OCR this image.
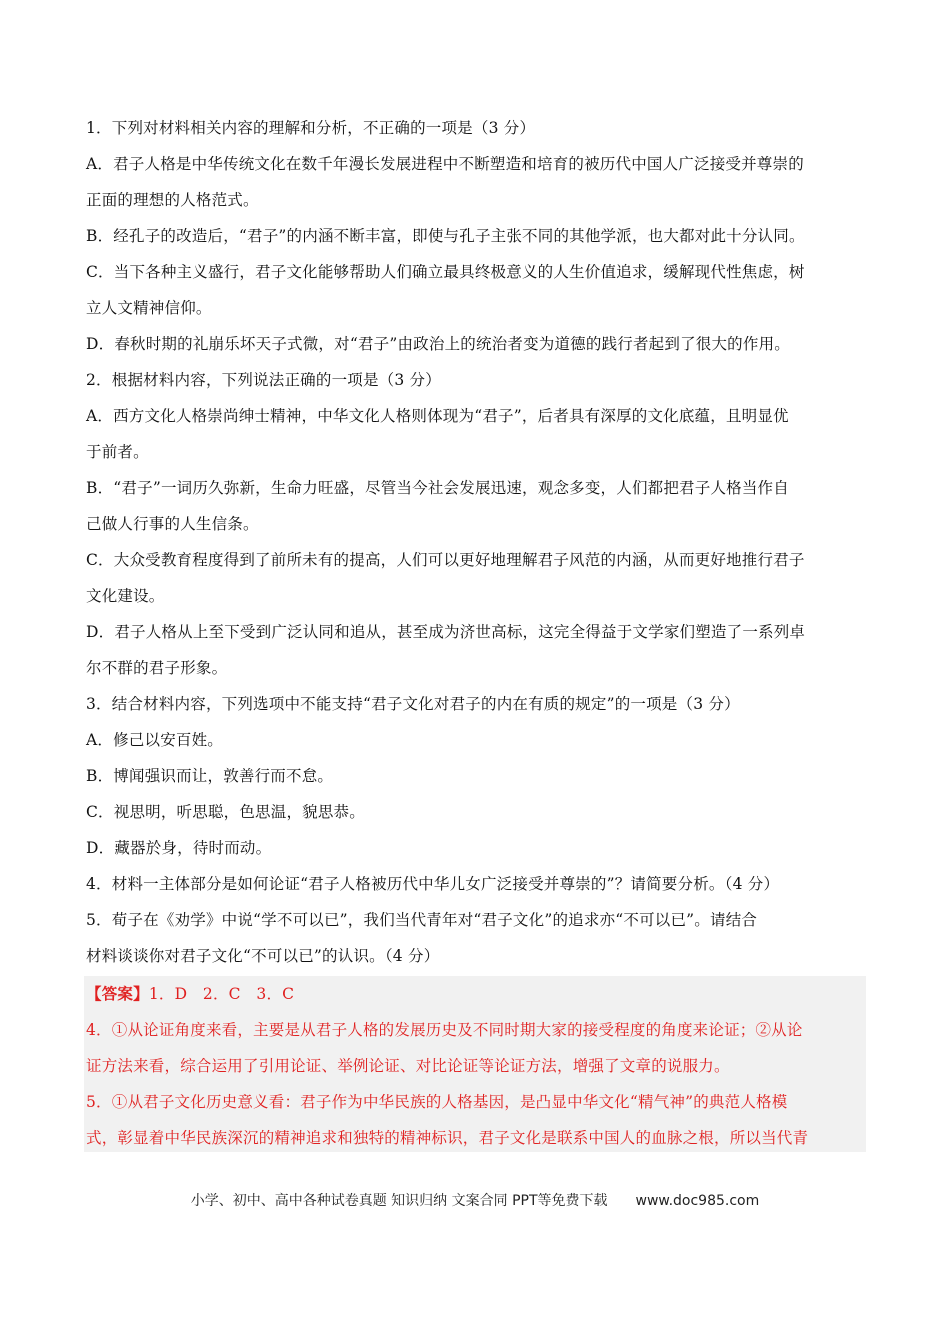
1．下列对材料相关内容的理解和分析，不正确的一项是（3 分）
A．君子人格是中华传统文化在数千年漫长发展进程中不断塑造和培育的被历代中国人广泛接受并尊崇的
正面的理想的人格范式。
B．经孔子的改造后，“君子”的内涵不断丰富，即使与孔子主张不同的其他学派，也大都对此十分认同。
C．当下各种主义盛行，君子文化能够帮助人们确立最具终极意义的人生价值追求，缓解现代性焦虑，树
立人文精神信仰。
D．春秋时期的礼崩乐坏天子式微，对“君子”由政治上的统治者变为道德的践行者起到了很大的作用。
2．根据材料内容，下列说法正确的一项是（3 分）
A．西方文化人格崇尚绅士精神，中华文化人格则体现为“君子”，后者具有深厚的文化底蕴，且明显优
于前者。
B．“君子”一词历久弥新，生命力旺盛，尽管当今社会发展迅速，观念多变，人们都把君子人格当作自
己做人行事的人生信条。
C．大众受教育程度得到了前所未有的提高，人们可以更好地理解君子风范的内涵，从而更好地推行君子
文化建设。
D．君子人格从上至下受到广泛认同和追从，甚至成为济世高标，这完全得益于文学家们塑造了一系列卓
尔不群的君子形象。
3．结合材料内容，下列选项中不能支持“君子文化对君子的内在有质的规定”的一项是（3 分）
A．修己以安百姓。
B．博闻强识而让，敦善行而不怠。
C．视思明，听思聪，色思温，貌思恭。
D．藏器於身，待时而动。
4．材料一主体部分是如何论证“君子人格被历代中华儿女广泛接受并尊崇的”？请简要分析。（4 分）
5．荀子在《劝学》中说“学不可以已”，我们当代青年对“君子文化”的追求亦“不可以已”。请结合
材料谈谈你对君子文化“不可以已”的认识。（4 分）
【答案】1．D　2．C　3．C
4．①从论证角度来看，主要是从君子人格的发展历史及不同时期大家的接受程度的角度来论证；②从论
证方法来看，综合运用了引用论证、举例论证、对比论证等论证方法，增强了文章的说服力。
5．①从君子文化历史意义看：君子作为中华民族的人格基因，是凸显中华文化“精气神”的典范人格模
式，彰显着中华民族深沉的精神追求和独特的精神标识，君子文化是联系中国人的血脉之根，所以当代青
小学、初中、高中各种试卷真题 知识归纳 文案合同 PPT等免费下载 www.doc985.com
